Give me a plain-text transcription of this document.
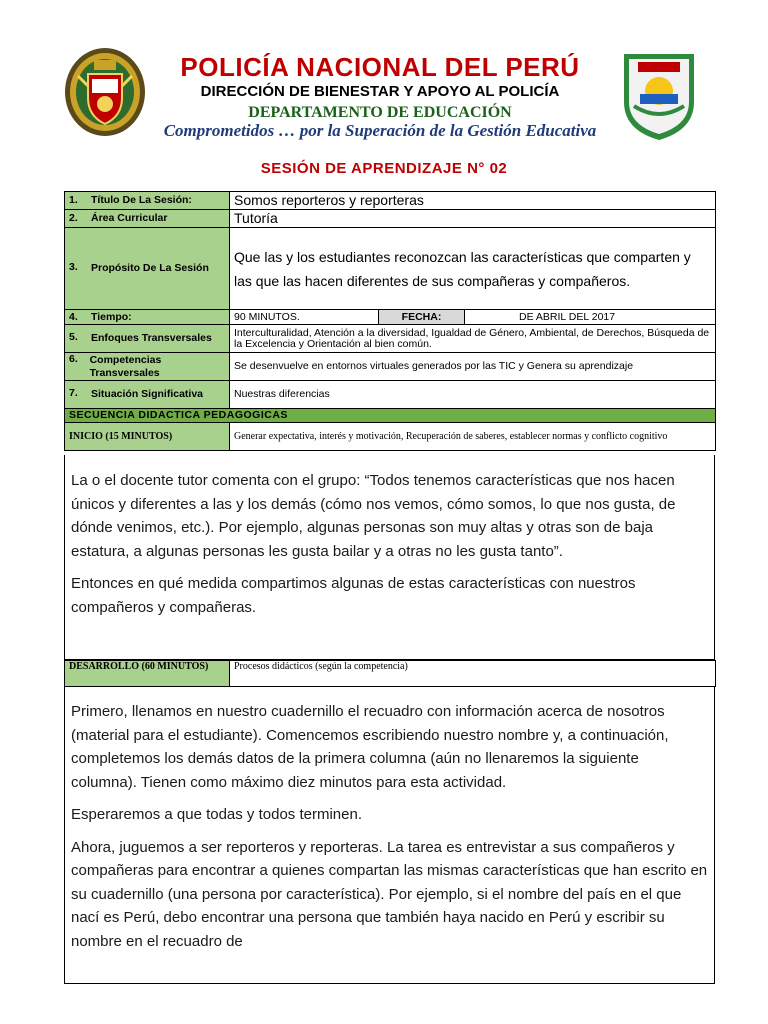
POLICÍA NACIONAL DEL PERÚ
DIRECCIÓN DE BIENESTAR Y APOYO AL POLICÍA
DEPARTAMENTO DE EDUCACIÓN
Comprometidos … por la Superación de la Gestión Educativa
SESIÓN DE APRENDIZAJE N° 02
1. Título De La Sesión:	Somos reporteros y reporteras		
2. Área Curricular	Tutoría		

3. Propósito De La Sesión	Que las y los estudiantes reconozcan las características que comparten y las que las hacen diferentes de sus compañeras y compañeros.		
4. Tiempo:	90 MINUTOS.	FECHA:	DE ABRIL DEL 2017

5. Enfoques Transversales	Interculturalidad, Atención a la diversidad, Igualdad de Género, Ambiental, de Derechos, Búsqueda de la Excelencia y Orientación al bien común.		

6. Competencias Transversales	Se desenvuelve en entornos virtuales generados por las TIC y Genera su aprendizaje		

7. Situación Significativa	Nuestras diferencias		
SECUENCIA DIDACTICA PEDAGOGICAS			
INICIO (15 MINUTOS)	Generar expectativa, interés y motivación, Recuperación de saberes, establecer normas y conflicto cognitivo		

La o el docente tutor comenta con el grupo: “Todos tenemos características que nos hacen únicos y diferentes a las y los demás (cómo nos vemos, cómo somos, lo que nos gusta, de dónde venimos, etc.). Por ejemplo, algunas personas son muy altas y otras son de baja estatura, a algunas personas les gusta bailar y a otras no les gusta tanto”.

Entonces en qué medida compartimos algunas de estas características con nuestros compañeros y compañeras.

DESARROLLO (60 MINUTOS)	Procesos didácticos (según la competencia)

Primero, llenamos en nuestro cuadernillo el recuadro con información acerca de nosotros (material para el estudiante). Comencemos escribiendo nuestro nombre y, a continuación, completemos los demás datos de la primera columna (aún no llenaremos la siguiente columna). Tienen como máximo diez minutos para esta actividad.

Esperaremos a que todas y todos terminen.

Ahora, juguemos a ser reporteros y reporteras. La tarea es entrevistar a sus compañeros y compañeras para encontrar a quienes compartan las mismas características que han escrito en su cuadernillo (una persona por característica). Por ejemplo, si el nombre del país en el que nací es Perú, debo encontrar una persona que también haya nacido en Perú y escribir su nombre en el recuadro de
